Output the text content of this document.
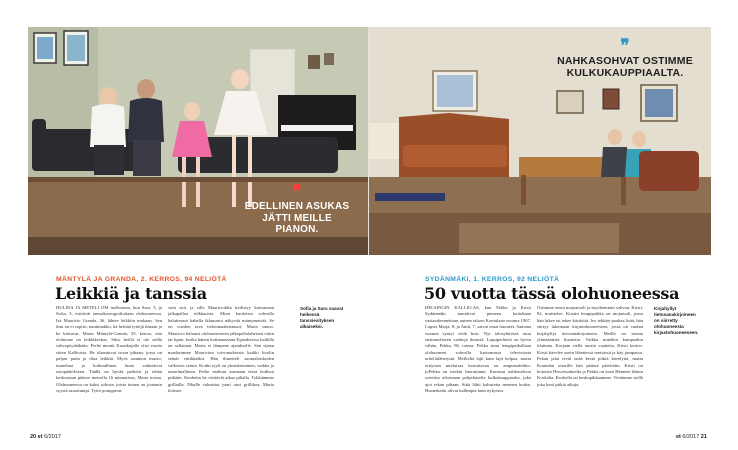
❞
EDELLINEN ASUKAS JÄTTI MEILLE PIANON.
❞
NAHKASOHVAT OSTIMME KULKUKAUPPIAALTA.
MÄNTYLÄ JA GRANDA, 2. KERROS, 94 NELIÖTÄ
Leikkiä ja tanssia
HULINA JA METELI OM melkoinen, kun Sara, 3, ja Sofia, 5, esittävät tanssikoreografioitaan olohuoneessa. Isä Mauricio Granda, 36, lähtee leikkiin mukaan. Sen ilmi on ei sopiiri, nautimakko, hä heittää tyttöjä ilmaan ja he kirkuvat. Maria Mäntylä-Granda, 35, kertoo, että olohuone on leikkikeskus. Siksi heillä ei ole siellä sohvapöytääkään. Perhe muutti Kaarikujalle viisi vuotta sitten Kallioista. He tihastuivat isoon pihaan, jossa on paljon puita ja tilaa leikkiä. Myös asunnon muoto, tunnelma ja kohtuullinen hinta vaikuttivat ostopäätökseen. Täällä on hyvää parketti ja tehän keskustaan pääsee metrolla 16 minuutissa, Maria toteaa. Olohuoneessa on kaksi sohvaa, joista toinen on joutanin syystä sauottumpi. Tyttö pomppivat
vain sitä, ja sille Mauricioklin keilistyy katsomaan jalkapalloa telkkarista. Minä kuuloisin sohvalla haluttesani kahella ikkunasta näkyvää mäntymetsää. Se on vuoden tava tielonmaalaismuot, Maria sanoo. Mauricio haluaisi olohuoneeseen jalkapallolahetsen viitin tai lipun, koska hänen kotimaassaan Equadorissa kaikilla on sellainen. Maria ei lämpene ajatukselle. Sen sijaan maalarimme Mauricion toivomuksesta kaikki koolin seinät värikkäiksi. Hän ihmetteli suomalaiskoden valkoisia seiniä. Kodin tyyli on yksinkertainen, vaikka ja tanselmallinen. Perhe mahtuu asumaan tässä kodissa pitkään. Keukeiin he viettävät aikaa pihalla. Tykkäämme grillailla. Pihalle valmistui juuri uusi grillikoa, Maria iloitsee.
Sofia ja Sara saavat heikessä tanssiesityksen alkaiseksi.
20 et 6/2017
SYDÄNMÄKI, 1. KERROS, 92 NELIÖTÄ
50 vuotta tässä olohuoneessa
HELSINGIN KALLIO:AS, kun Pekka ja Kirsti Sydänmäki muuttivat pieneen kotiokaan vastarakennettuun uuteen taloon Kontulaan vuonna 1967. Lapset Marja, 8, ja Antti, 7, saivat omat huoneet. Samana vuonna syntyi vielä hosi. Nyt talosyhtiössä asuu ensimmäiseen vanhoja ihmisiä. Lapsiperheitä on hyvin vähän, Pekka, 86, toteaa. Pekka istuu lempipaikallaan olohuoneen sohvalla katsomassa televisiosta urheilulähetystä. Mefkeltä lajit kuin lajit kelpaa, mutta erityisen mieluisaa katsottavaa on ampumahiihto, joPekka on itsekin harrastanut. Komisat nahkasohvat ostettiin aikoinaan pohjalaiselta kulkukauppiaalta, joka ajoi rekan pihaan. Siitä lähti kalustetta mennen kotiin. Huonekalut olivat kallimpia kuin nykyisin.
Ostimme ensin mojaatuoli ja myöhemmin sohvan, Kirsti, 82, muistelee. Kirstin lempipaikka on mojatuoli, jossa hän lukee tai tekee käsitöitä. Ivo tekkärt paukaa lisää, hän siirtyy lukemaan kirjastohuoneeseen, jossa on vanhat kirjahyllyt tietosanakirjoineen. Meillä on monta ylimääräistä huonetta. Vaikka minäkin kumpaakin tilattuna. Korjaan siellä uusiin vaatteita, Kirsti kertoo. Kirsti kävelee usein lähettessä metsässä ja käy jumpassa. Pekan jalat eivät enää kestä pitkiä kävelyitä, mutta Kontulan ostarille hän pääsee päivittäin. Kirsti on kotoisin Hirvensalmelta ja Pekka on itsen Hämeen läänin Koskelta. Koskella on keskupikkaamme. Vietämme siellä joka kesä pitkiä aikoja.
Kirjahyllyt tietosanakirjoineen on siirretty olohuoneesta kirjastohuoneeseen.
et 6/2017 21
